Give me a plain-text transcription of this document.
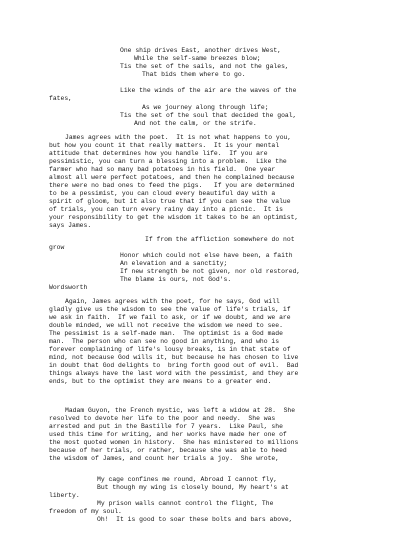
One ship drives East, another drives West,
While the self-same breezes blow;
Tis the set of the sails, and not the gales,
That bids them where to go.
Like the winds of the air are the waves of the
fates,
As we journey along through life;
Tis the set of the soul that decided the goal,
And not the calm, or the strife.
James agrees with the poet.  It is not what happens to you,
but how you count it that really matters.  It is your mental
attitude that determines how you handle life.  If you are
pessimistic, you can turn a blessing into a problem.  Like the
farmer who had so many bad potatoes in his field.  One year
almost all were perfect potatoes, and then he complained because
there were no bad ones to feed the pigs.   If you are determined
to be a pessimist, you can cloud every beautiful day with a
spirit of gloom, but it also true that if you can see the value
of trials, you can turn every rainy day into a picnic.  It is
your responsibility to get the wisdom it takes to be an optimist,
says James.
If from the affliction somewhere do not
grow
Honor which could not else have been, a faith
An elevation and a sanctity;
If new strength be not given, nor old restored,
The blame is ours, not God's.
Wordsworth
Again, James agrees with the poet, for he says, God will
gladly give us the wisdom to see the value of life's trials, if
we ask in faith.  If we fail to ask, or if we doubt, and we are
double minded, we will not receive the wisdom we need to see.
The pessimist is a self-made man.  The optimist is a God made
man.  The person who can see no good in anything, and who is
forever complaining of life's lousy breaks, is in that state of
mind, not because God wills it, but because he has chosen to live
in doubt that God delights to  bring forth good out of evil.  Bad
things always have the last word with the pessimist, and they are
ends, but to the optimist they are means to a greater end.
Madam Guyon, the French mystic, was left a widow at 28.  She
resolved to devote her life to the poor and needy.  She was
arrested and put in the Bastille for 7 years.  Like Paul, she
used this time for writing, and her works have made her one of
the most quoted women in history.  She has ministered to millions
because of her trials, or rather, because she was able to heed
the wisdom of James, and count her trials a joy.  She wrote,
My cage confines me round, Abroad I cannot fly,
But though my wing is closely bound, My heart's at
liberty.
My prison walls cannot control the flight, The
freedom of my soul.
Oh!  It is good to soar these bolts and bars above,
